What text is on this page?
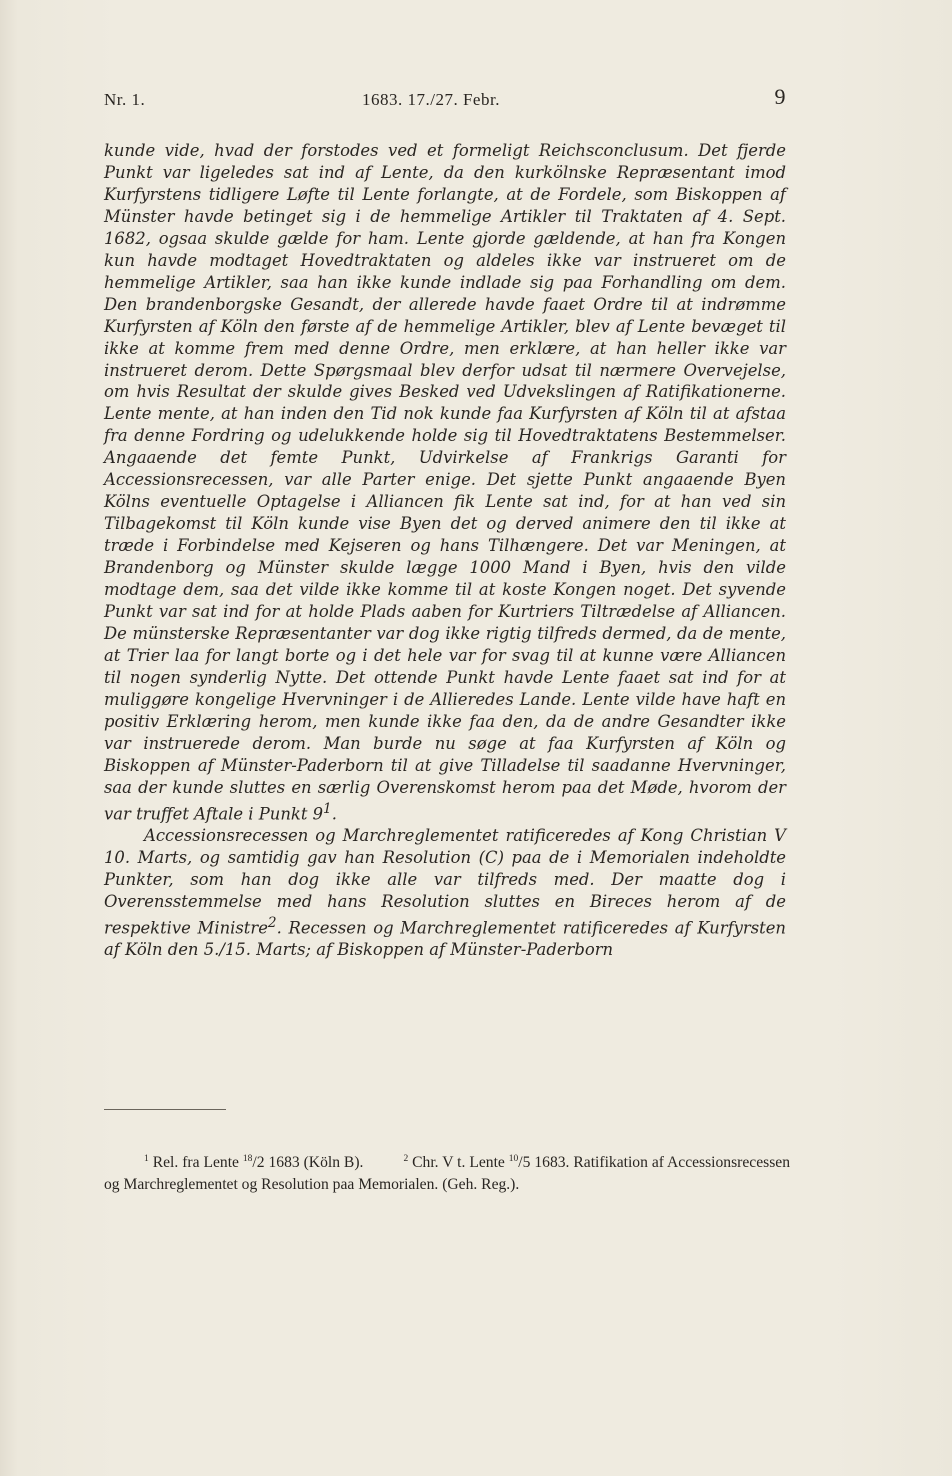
Nr. 1.	1683. 17./27. Febr.	9

kunde vide, hvad der forstodes ved et formeligt Reichsconclusum. Det fjerde Punkt var ligeledes sat ind af Lente, da den kurkölnske Repræsentant imod Kurfyrstens tidligere Løfte til Lente forlangte, at de Fordele, som Biskoppen af Münster havde betinget sig i de hemmelige Artikler til Traktaten af 4. Sept. 1682, ogsaa skulde gælde for ham. Lente gjorde gældende, at han fra Kongen kun havde modtaget Hovedtraktaten og aldeles ikke var instrueret om de hemmelige Artikler, saa han ikke kunde indlade sig paa Forhandling om dem. Den brandenborgske Gesandt, der allerede havde faaet Ordre til at indrømme Kurfyrsten af Köln den første af de hemmelige Artikler, blev af Lente bevæget til ikke at komme frem med denne Ordre, men erklære, at han heller ikke var instrueret derom. Dette Spørgsmaal blev derfor udsat til nærmere Overvejelse, om hvis Resultat der skulde gives Besked ved Udvekslingen af Ratifikationerne. Lente mente, at han inden den Tid nok kunde faa Kurfyrsten af Köln til at afstaa fra denne Fordring og udelukkende holde sig til Hovedtraktatens Bestemmelser. Angaaende det femte Punkt, Udvirkelse af Frankrigs Garanti for Accessionsrecessen, var alle Parter enige. Det sjette Punkt angaaende Byen Kölns eventuelle Optagelse i Alliancen fik Lente sat ind, for at han ved sin Tilbagekomst til Köln kunde vise Byen det og derved animere den til ikke at træde i Forbindelse med Kejseren og hans Tilhængere. Det var Meningen, at Brandenborg og Münster skulde lægge 1000 Mand i Byen, hvis den vilde modtage dem, saa det vilde ikke komme til at koste Kongen noget. Det syvende Punkt var sat ind for at holde Plads aaben for Kurtriers Tiltrædelse af Alliancen. De münsterske Repræsentanter var dog ikke rigtig tilfreds dermed, da de mente, at Trier laa for langt borte og i det hele var for svag til at kunne være Alliancen til nogen synderlig Nytte. Det ottende Punkt havde Lente faaet sat ind for at muliggøre kongelige Hvervninger i de Allieredes Lande. Lente vilde have haft en positiv Erklæring herom, men kunde ikke faa den, da de andre Gesandter ikke var instruerede derom. Man burde nu søge at faa Kurfyrsten af Köln og Biskoppen af Münster-Paderborn til at give Tilladelse til saadanne Hvervninger, saa der kunde sluttes en særlig Overenskomst herom paa det Møde, hvorom der var truffet Aftale i Punkt $9^1$.

Accessionsrecessen og Marchreglementet ratificeredes af Kong Christian V 10. Marts, og samtidig gav han Resolution (C) paa de i Memorialen indeholdte Punkter, som han dog ikke alle var tilfreds med. Der maatte dog i Overensstemmelse med hans Resolution sluttes en Bireces herom af de respektive Ministre$^2$. Recessen og Marchreglementet ratificeredes af Kurfyrsten af Köln den 5./15. Marts; af Biskoppen af Münster-Paderborn

$^1$ Rel. fra Lente $^{18}$/2 1683 (Köln B).	$^2$ Chr. V t. Lente $^{10}$/5 1683. Ratifikation af Accessionsrecessen og Marchreglementet og Resolution paa Memorialen. (Geh. Reg.).
